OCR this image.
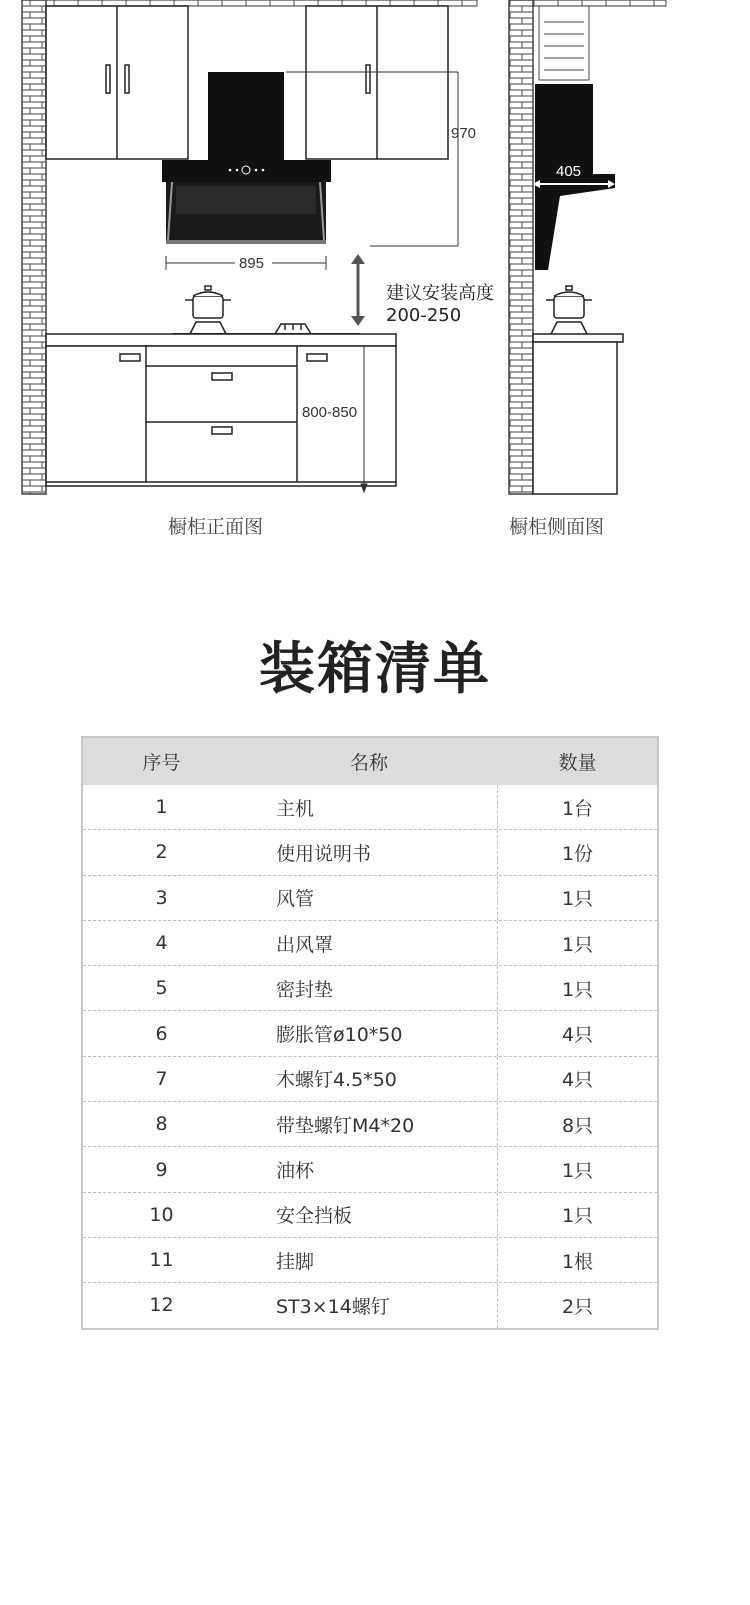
970
895
建议安装高度
200-250
800-850
405
橱柜正面图	橱柜侧面图
装箱清单
序号	名称	数量
1	主机	1台
2	使用说明书	1份
3	风管	1只
4	出风罩	1只
5	密封垫	1只
6	膨胀管ø10*50	4只
7	木螺钉4.5*50	4只
8	带垫螺钉M4*20	8只
9	油杯	1只
10	安全挡板	1只
11	挂脚	1根
12	ST3×14螺钉	2只
